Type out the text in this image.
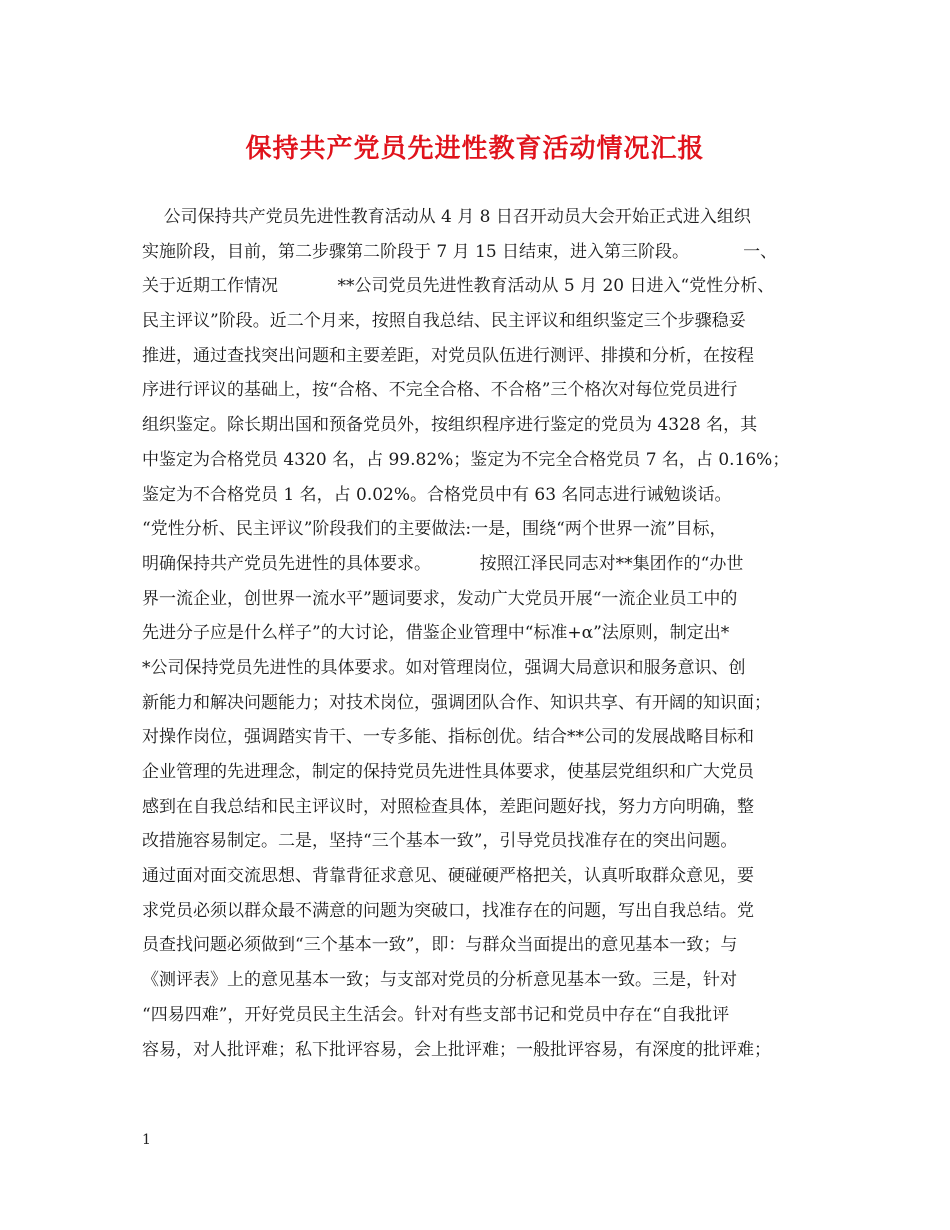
保持共产党员先进性教育活动情况汇报
公司保持共产党员先进性教育活动从 4 月 8 日召开动员大会开始正式进入组织
实施阶段，目前，第二步骤第二阶段于 7 月 15 日结束，进入第三阶段。          一、
关于近期工作情况           **公司党员先进性教育活动从 5 月 20 日进入“党性分析、
民主评议”阶段。近二个月来，按照自我总结、民主评议和组织鉴定三个步骤稳妥
推进，通过查找突出问题和主要差距，对党员队伍进行测评、排摸和分析，在按程
序进行评议的基础上，按“合格、不完全合格、不合格”三个格次对每位党员进行
组织鉴定。除长期出国和预备党员外，按组织程序进行鉴定的党员为 4328 名，其
中鉴定为合格党员 4320 名，占 99.82%；鉴定为不完全合格党员 7 名，占 0.16%；
鉴定为不合格党员 1 名，占 0.02%。合格党员中有 63 名同志进行诫勉谈话。
“党性分析、民主评议”阶段我们的主要做法:一是，围绕“两个世界一流”目标，
明确保持共产党员先进性的具体要求。         按照江泽民同志对**集团作的“办世
界一流企业，创世界一流水平”题词要求，发动广大党员开展“一流企业员工中的
先进分子应是什么样子”的大讨论，借鉴企业管理中“标准+α”法原则，制定出*
*公司保持党员先进性的具体要求。如对管理岗位，强调大局意识和服务意识、创
新能力和解决问题能力；对技术岗位，强调团队合作、知识共享、有开阔的知识面；
对操作岗位，强调踏实肯干、一专多能、指标创优。结合**公司的发展战略目标和
企业管理的先进理念，制定的保持党员先进性具体要求，使基层党组织和广大党员
感到在自我总结和民主评议时，对照检查具体，差距问题好找，努力方向明确，整
改措施容易制定。二是，坚持“三个基本一致”，引导党员找准存在的突出问题。
通过面对面交流思想、背靠背征求意见、硬碰硬严格把关，认真听取群众意见，要
求党员必须以群众最不满意的问题为突破口，找准存在的问题，写出自我总结。党
员查找问题必须做到“三个基本一致”，即：与群众当面提出的意见基本一致；与
《测评表》上的意见基本一致；与支部对党员的分析意见基本一致。三是，针对
“四易四难”，开好党员民主生活会。针对有些支部书记和党员中存在“自我批评
容易，对人批评难；私下批评容易，会上批评难；一般批评容易，有深度的批评难；
1
